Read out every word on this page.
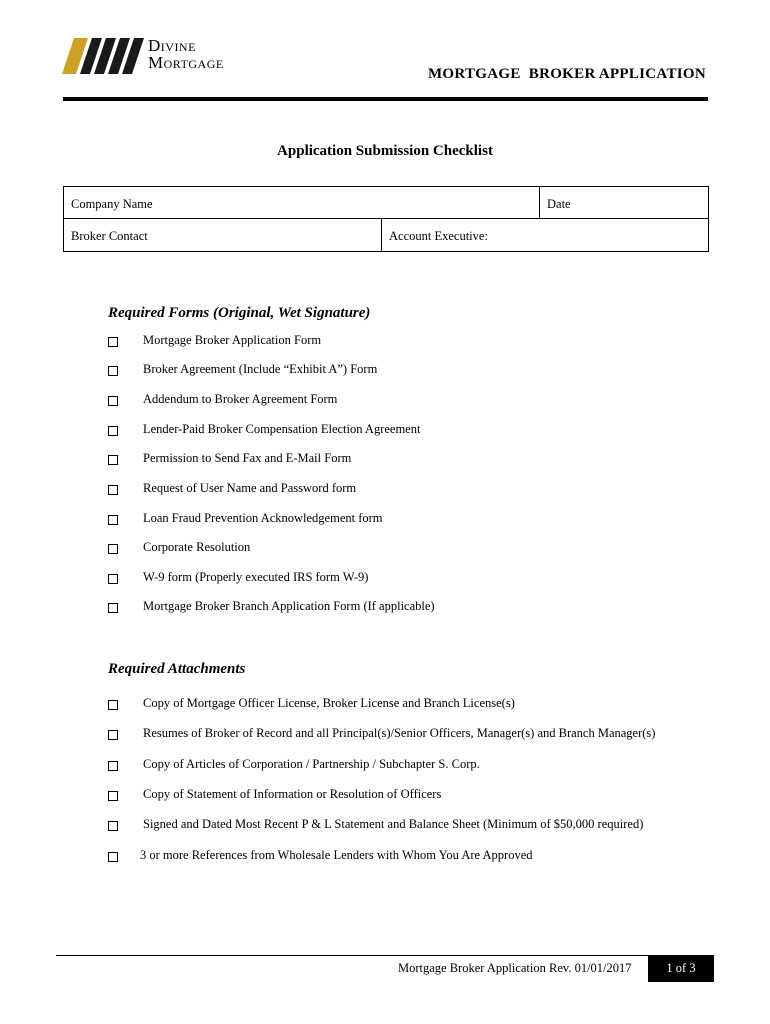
Divine
Mortgage
MORTGAGE  BROKER APPLICATION
Application Submission Checklist
Company Name	Date
Broker Contact	Account Executive:
Required Forms (Original, Wet Signature)
Mortgage Broker Application Form
Broker Agreement (Include “Exhibit A”) Form
Addendum to Broker Agreement Form
Lender-Paid Broker Compensation Election Agreement
Permission to Send Fax and E-Mail Form
Request of User Name and Password form
Loan Fraud Prevention Acknowledgement form
Corporate Resolution
W-9 form (Properly executed IRS form W-9)
Mortgage Broker Branch Application Form (If applicable)
Required Attachments
Copy of Mortgage Officer License, Broker License and Branch License(s)
Resumes of Broker of Record and all Principal(s)/Senior Officers, Manager(s) and Branch Manager(s)
Copy of Articles of Corporation / Partnership / Subchapter S. Corp.
Copy of Statement of Information or Resolution of Officers
Signed and Dated Most Recent P & L Statement and Balance Sheet (Minimum of $50,000 required)
3 or more References from Wholesale Lenders with Whom You Are Approved
Mortgage Broker Application Rev. 01/01/2017	1 of 3
